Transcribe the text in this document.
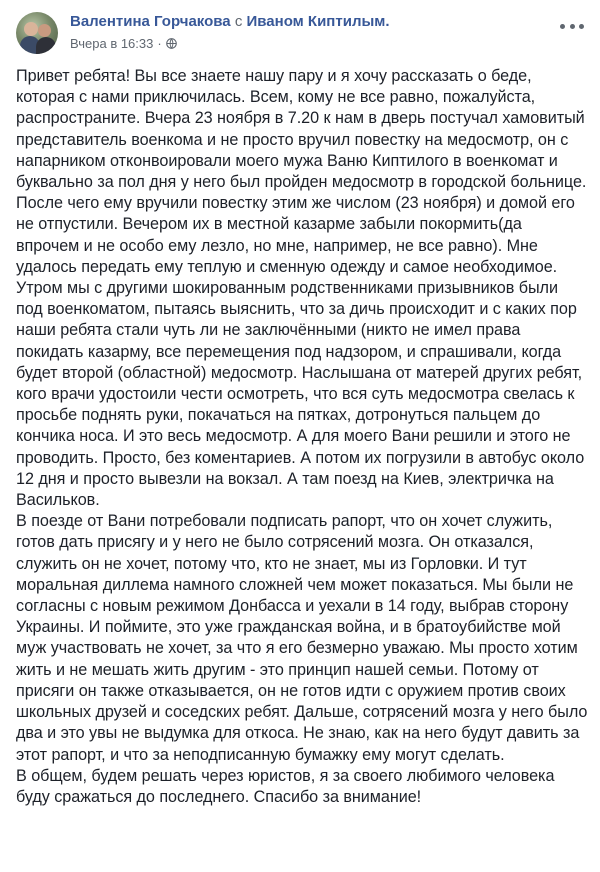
Валентина Горчакова с Иваном Киптилым.
Вчера в 16:33 ·

Привет ребята! Вы все знаете нашу пару и я хочу рассказать о беде, которая с нами приключилась. Всем, кому не все равно, пожалуйста, распространите. Вчера 23 ноября в 7.20 к нам в дверь постучал хамовитый представитель военкома и не просто вручил повестку на медосмотр, он с напарником отконвоировали моего мужа Ваню Киптилого в военкомат и буквально за пол дня у него был пройден медосмотр в городской больнице. После чего ему вручили повестку этим же числом (23 ноября) и домой его не отпустили. Вечером их в местной казарме забыли покормить(да впрочем и не особо ему лезло, но мне, например, не все равно). Мне удалось передать ему теплую и сменную одежду и самое необходимое. Утром мы с другими шокированным родственниками призывников были под военкоматом, пытаясь выяснить, что за дичь происходит и с каких пор наши ребята стали чуть ли не заключёнными (никто не имел права покидать казарму, все перемещения под надзором, и спрашивали, когда будет второй (областной) медосмотр. Наслышана от матерей других ребят, кого врачи удостоили чести осмотреть, что вся суть медосмотра свелась к просьбе поднять руки, покачаться на пятках, дотронуться пальцем до кончика носа. И это весь медосмотр. А для моего Вани решили и этого не проводить. Просто, без коментариев. А потом их погрузили в автобус около 12 дня и просто вывезли на вокзал. А там поезд на Киев, электричка на Васильков.

В поезде от Вани потребовали подписать рапорт, что он хочет служить, готов дать присягу и у него не было сотрясений мозга. Он отказался, служить он не хочет, потому что, кто не знает, мы из Горловки. И тут моральная диллема намного сложней чем может показаться. Мы были не согласны с новым режимом Донбасса и уехали в 14 году, выбрав сторону Украины. И поймите, это уже гражданская война, и в братоубийстве мой муж участвовать не хочет, за что я его безмерно уважаю. Мы просто хотим жить и не мешать жить другим - это принцип нашей семьи. Потому от присяги он также отказывается, он не готов идти с оружием против своих школьных друзей и соседских ребят. Дальше, сотрясений мозга у него было два и это увы не выдумка для откоса. Не знаю, как на него будут давить за этот рапорт, и что за неподписанную бумажку ему могут сделать.

В общем, будем решать через юристов, я за своего любимого человека буду сражаться до последнего. Спасибо за внимание!
